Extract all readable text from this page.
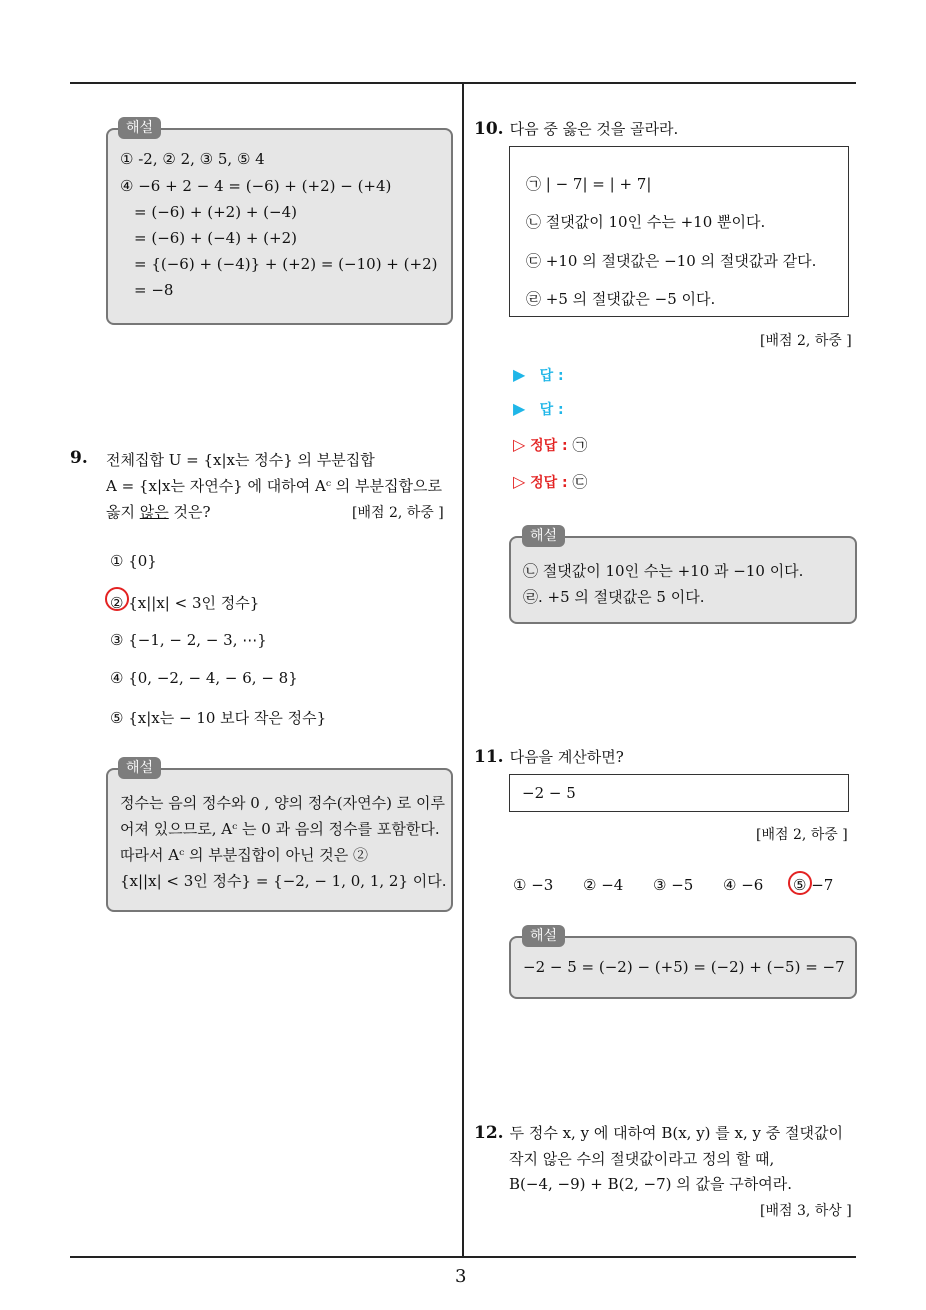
3
① -2, ② 2, ③ 5, ⑤ 4
④ −6 + 2 − 4 = (−6) + (+2) − (+4)
= (−6) + (+2) + (−4)
= (−6) + (−4) + (+2)
= {(−6) + (−4)} + (+2) = (−10) + (+2)
= −8
해설
9.	전체집합 U = {x|x는 정수} 의 부분집합
A = {x|x는 자연수} 에 대하여 Aᶜ 의 부분집합으로
옳지 않은 것은?	[배점 2, 하중 ]
① {0}
② {x||x| < 3인 정수}
③ {−1, − 2, − 3, ⋯}
④ {0, −2, − 4, − 6, − 8}
⑤ {x|x는 − 10 보다 작은 정수}
정수는 음의 정수와 0 , 양의 정수(자연수) 로 이루
어져 있으므로, Aᶜ 는 0 과 음의 정수를 포함한다.
따라서 Aᶜ 의 부분집합이 아닌 것은 ②
{x||x| < 3인 정수} = {−2, − 1, 0, 1, 2} 이다.
해설
10. 다음 중 옳은 것을 골라라.
㉠ | − 7| = | + 7|
㉡ 절댓값이 10인 수는 +10 뿐이다.
㉢ +10 의 절댓값은 −10 의 절댓값과 같다.
㉣ +5 의 절댓값은 −5 이다.
[배점 2, 하중 ]
▶ 답 :
▶ 답 :
▷ 정답 : ㉠
▷ 정답 : ㉢
㉡ 절댓값이 10인 수는 +10 과 −10 이다.
㉣. +5 의 절댓값은 5 이다.
해설
11. 다음을 계산하면?
−2 − 5
[배점 2, 하중 ]
① −3 ② −4 ③ −5 ④ −6 ⑤ −7
−2 − 5 = (−2) − (+5) = (−2) + (−5) = −7
해설
12. 두 정수 x, y 에 대하여 B(x, y) 를 x, y 중 절댓값이
작지 않은 수의 절댓값이라고 정의 할 때,
B(−4, −9) + B(2, −7) 의 값을 구하여라.
[배점 3, 하상 ]
